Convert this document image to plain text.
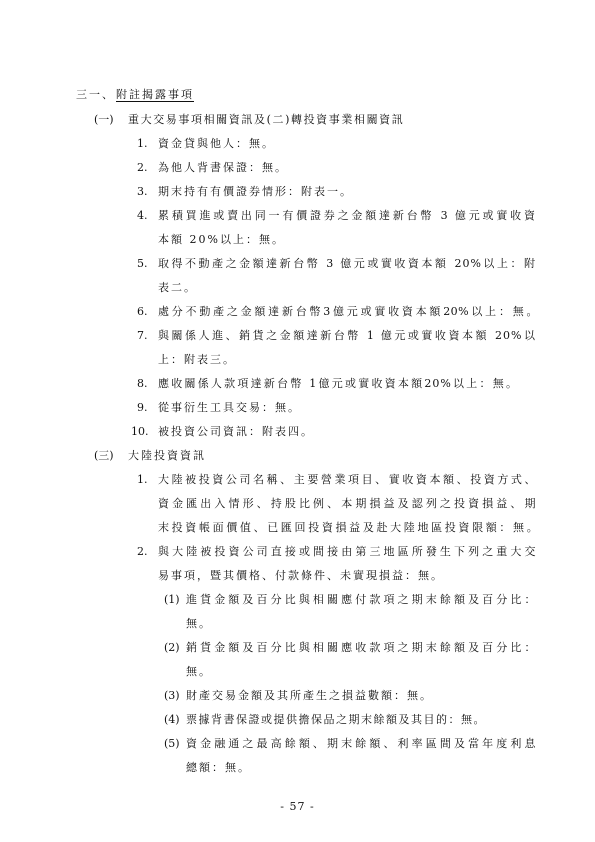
三一、 附註揭露事項
(一) 重大交易事項相關資訊及(二)轉投資事業相關資訊
1. 資金貸與他人：無。
2. 為他人背書保證：無。
3. 期末持有有價證券情形：附表一。
4. 累積買進或賣出同一有價證券之金額達新台幣 3 億元或實收資
本額 20%以上：無。
5. 取得不動產之金額達新台幣 3 億元或實收資本額 20%以上：附
表二。
6. 處分不動產之金額達新台幣3億元或實收資本額20%以上：無。
7. 與關係人進、銷貨之金額達新台幣 1 億元或實收資本額 20%以
上：附表三。
8. 應收關係人款項達新台幣 1億元或實收資本額20%以上：無。
9. 從事衍生工具交易：無。
10. 被投資公司資訊：附表四。
(三) 大陸投資資訊
1. 大陸被投資公司名稱、主要營業項目、實收資本額、投資方式、
資金匯出入情形、持股比例、本期損益及認列之投資損益、期
末投資帳面價值、已匯回投資損益及赴大陸地區投資限額：無。
2. 與大陸被投資公司直接或間接由第三地區所發生下列之重大交
易事項，暨其價格、付款條件、未實現損益：無。
(1) 進貨金額及百分比與相關應付款項之期末餘額及百分比：
無。
(2) 銷貨金額及百分比與相關應收款項之期末餘額及百分比：
無。
(3) 財產交易金額及其所產生之損益數額：無。
(4) 票據背書保證或提供擔保品之期末餘額及其目的：無。
(5) 資金融通之最高餘額、期末餘額、利率區間及當年度利息
總額：無。
- 57 -
